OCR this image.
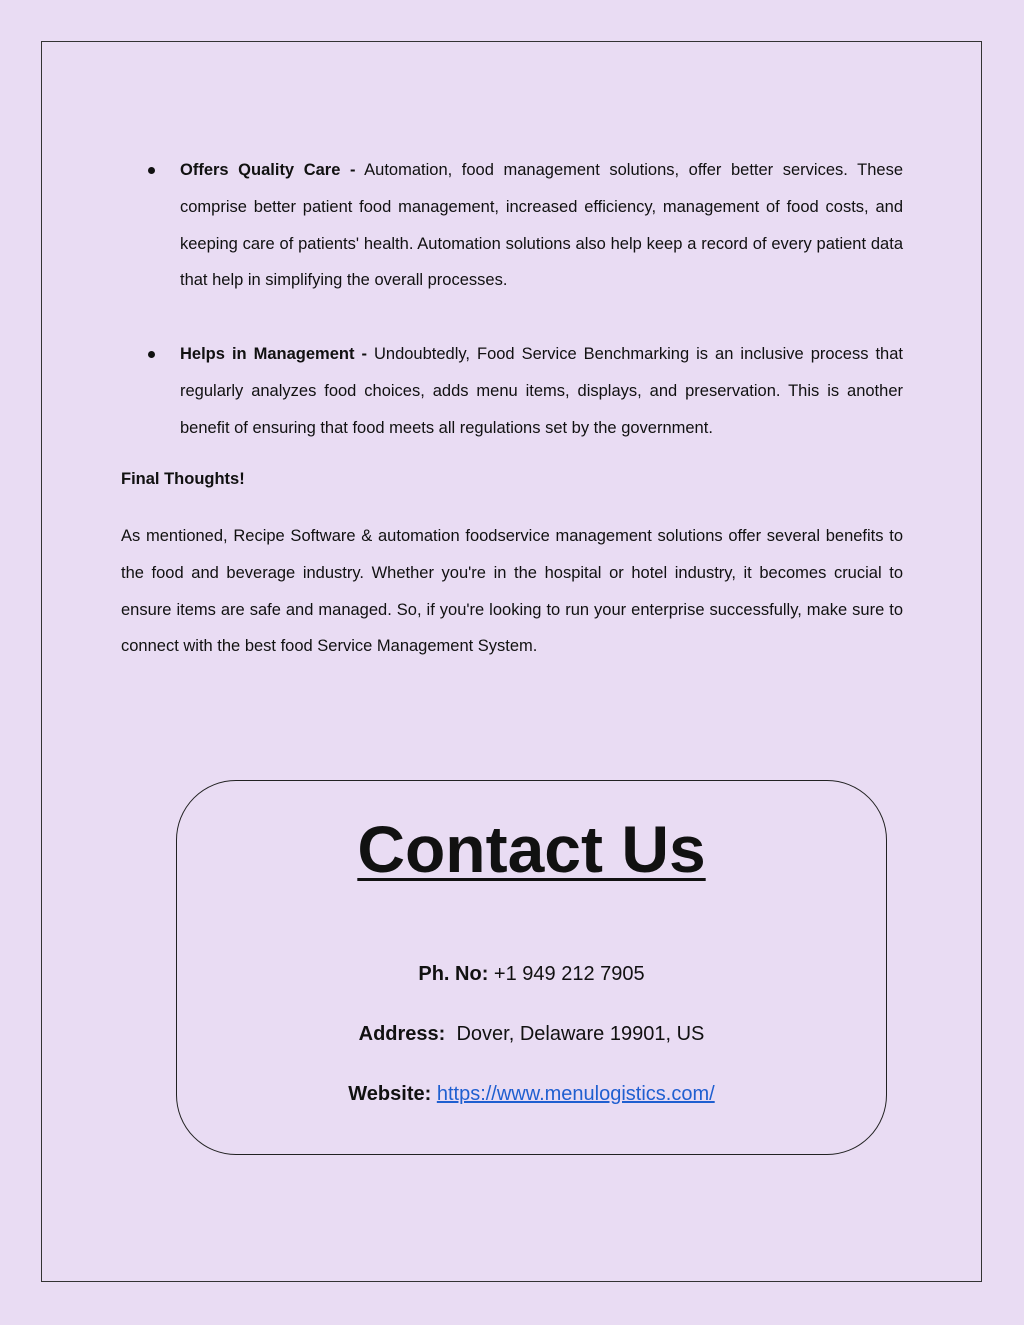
Offers Quality Care - Automation, food management solutions, offer better services. These comprise better patient food management, increased efficiency, management of food costs, and keeping care of patients' health. Automation solutions also help keep a record of every patient data that help in simplifying the overall processes.
Helps in Management - Undoubtedly, Food Service Benchmarking is an inclusive process that regularly analyzes food choices, adds menu items, displays, and preservation. This is another benefit of ensuring that food meets all regulations set by the government.
Final Thoughts!

As mentioned, Recipe Software & automation foodservice management solutions offer several benefits to the food and beverage industry. Whether you're in the hospital or hotel industry, it becomes crucial to ensure items are safe and managed. So, if you're looking to run your enterprise successfully, make sure to connect with the best food Service Management System.

Contact Us
Ph. No: +1 949 212 7905
Address: Dover, Delaware 19901, US
Website: https://www.menulogistics.com/
